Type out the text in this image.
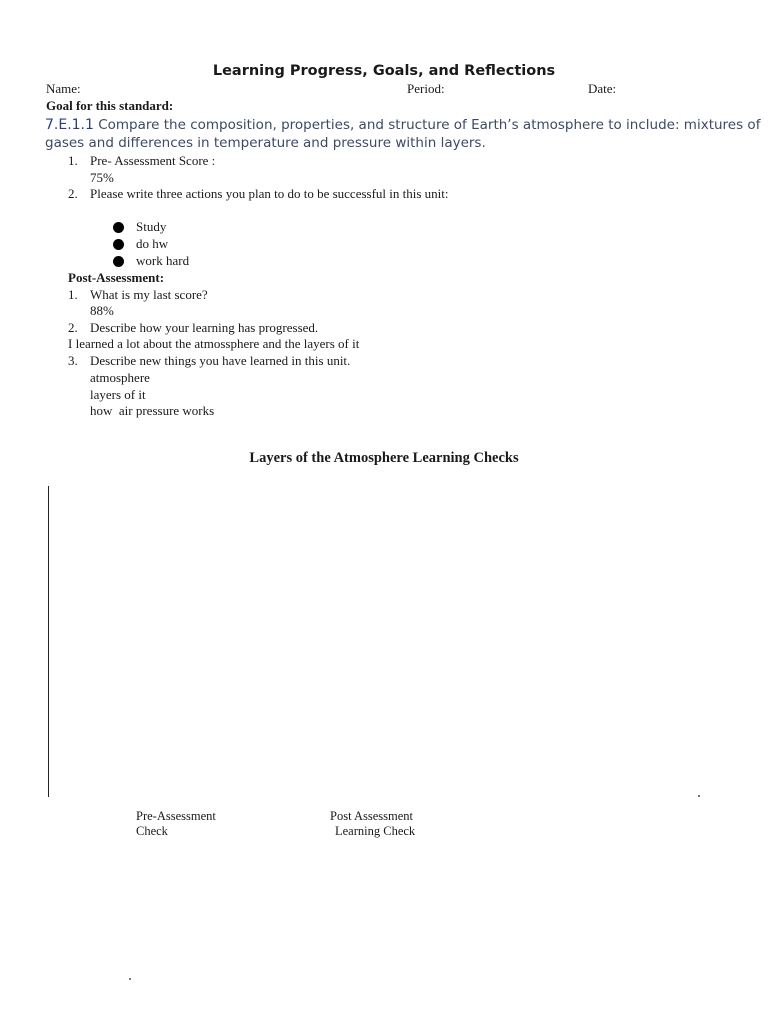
Learning Progress, Goals, and Reflections
Name:	Period:	Date:
Goal for this standard:
7.E.1.1 Compare the composition, properties, and structure of Earth’s atmosphere to include: mixtures of
gases and differences in temperature and pressure within layers.
1. Pre- Assessment Score :
75%
2. Please write three actions you plan to do to be successful in this unit:
Study
do hw
work hard
Post-Assessment:
1. What is my last score?
88%
2. Describe how your learning has progressed.
I learned a lot about the atmossphere and the layers of it
3. Describe new things you have learned in this unit.
atmosphere
layers of it
how  air pressure works
Layers of the Atmosphere Learning Checks
Pre-Assessment
Check
Post Assessment
Learning Check
